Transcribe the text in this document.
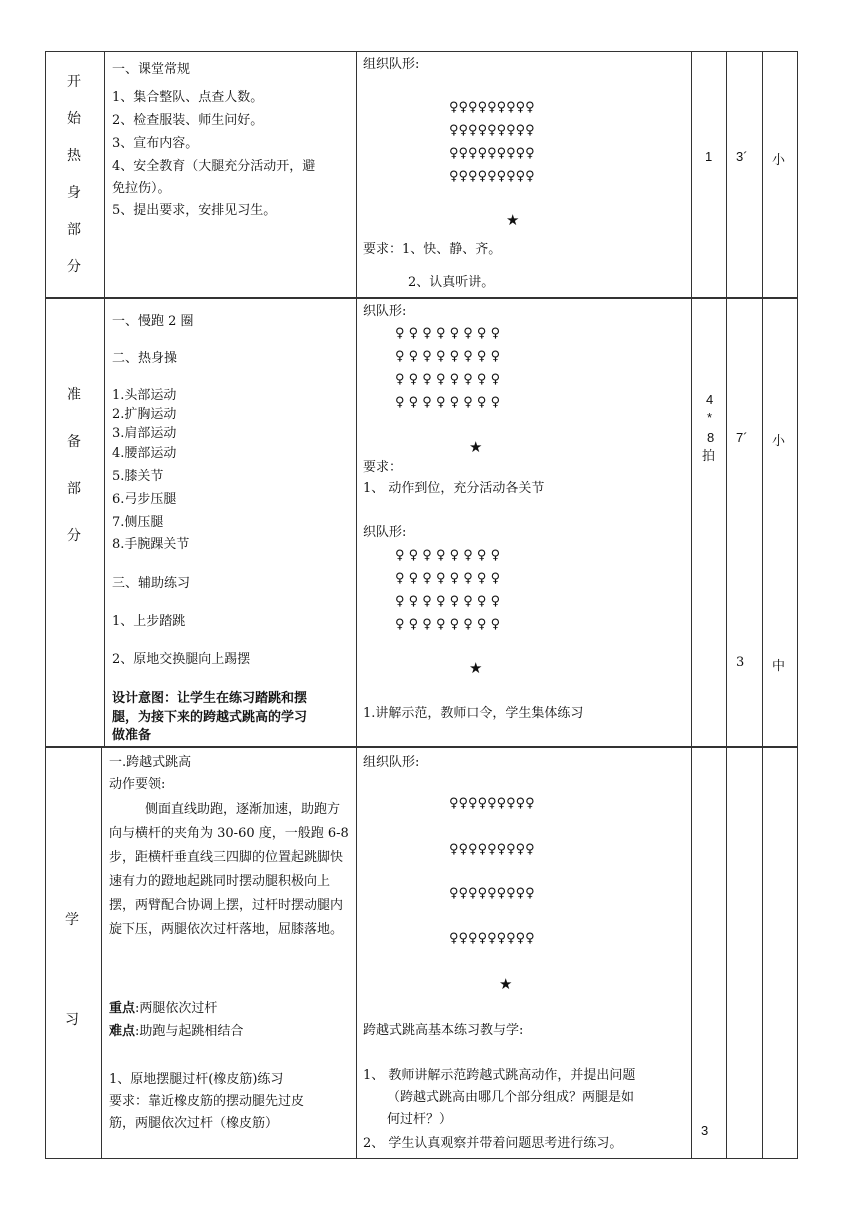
开
始
热
身
部
分
一、课堂常规
1、集合整队、点查人数。
2、检查服装、师生问好。
3、宣布内容。
4、安全教育（大腿充分活动开，避
免拉伤）。
5、提出要求，安排见习生。
组织队形:
♀♀♀♀♀♀♀♀♀
♀♀♀♀♀♀♀♀♀
♀♀♀♀♀♀♀♀♀
♀♀♀♀♀♀♀♀♀
★
要求：1、快、静、齐。
2、认真听讲。
1 3´ 小
准
备
部
分
一、慢跑 2 圈
二、热身操
1.头部运动
2.扩胸运动
3.肩部运动
4.腰部运动
5.膝关节
6.弓步压腿
7.侧压腿
8.手腕踝关节
三、辅助练习
1、上步踏跳
2、原地交换腿向上踢摆
设计意图：让学生在练习踏跳和摆
腿，为接下来的跨越式跳高的学习
做准备
织队形:
♀ ♀ ♀ ♀ ♀ ♀ ♀ ♀
♀ ♀ ♀ ♀ ♀ ♀ ♀ ♀
♀ ♀ ♀ ♀ ♀ ♀ ♀ ♀
♀ ♀ ♀ ♀ ♀ ♀ ♀ ♀
★
要求：
1、 动作到位，充分活动各关节
织队形:
♀ ♀ ♀ ♀ ♀ ♀ ♀ ♀
♀ ♀ ♀ ♀ ♀ ♀ ♀ ♀
♀ ♀ ♀ ♀ ♀ ♀ ♀ ♀
♀ ♀ ♀ ♀ ♀ ♀ ♀ ♀
★
1.讲解示范，教师口令，学生集体练习
4
*
8
拍
7´ 小
3 中
学
习
一.跨越式跳高
动作要领:
侧面直线助跑，逐渐加速，助跑方向与横杆的夹角为 30-60 度，一般跑 6-8 步，距横杆垂直线三四脚的位置起跳脚快速有力的蹬地起跳同时摆动腿积极向上摆，两臂配合协调上摆，过杆时摆动腿内旋下压，两腿依次过杆落地，屈膝落地。
重点:两腿依次过杆
难点:助跑与起跳相结合
1、原地摆腿过杆(橡皮筋)练习
要求：靠近橡皮筋的摆动腿先过皮
筋，两腿依次过杆（橡皮筋）
组织队形:
♀♀♀♀♀♀♀♀♀
♀♀♀♀♀♀♀♀♀
♀♀♀♀♀♀♀♀♀
♀♀♀♀♀♀♀♀♀
★
跨越式跳高基本练习教与学:
1、 教师讲解示范跨越式跳高动作，并提出问题
（跨越式跳高由哪几个部分组成？两腿是如
何过杆？）
2、 学生认真观察并带着问题思考进行练习。
3
